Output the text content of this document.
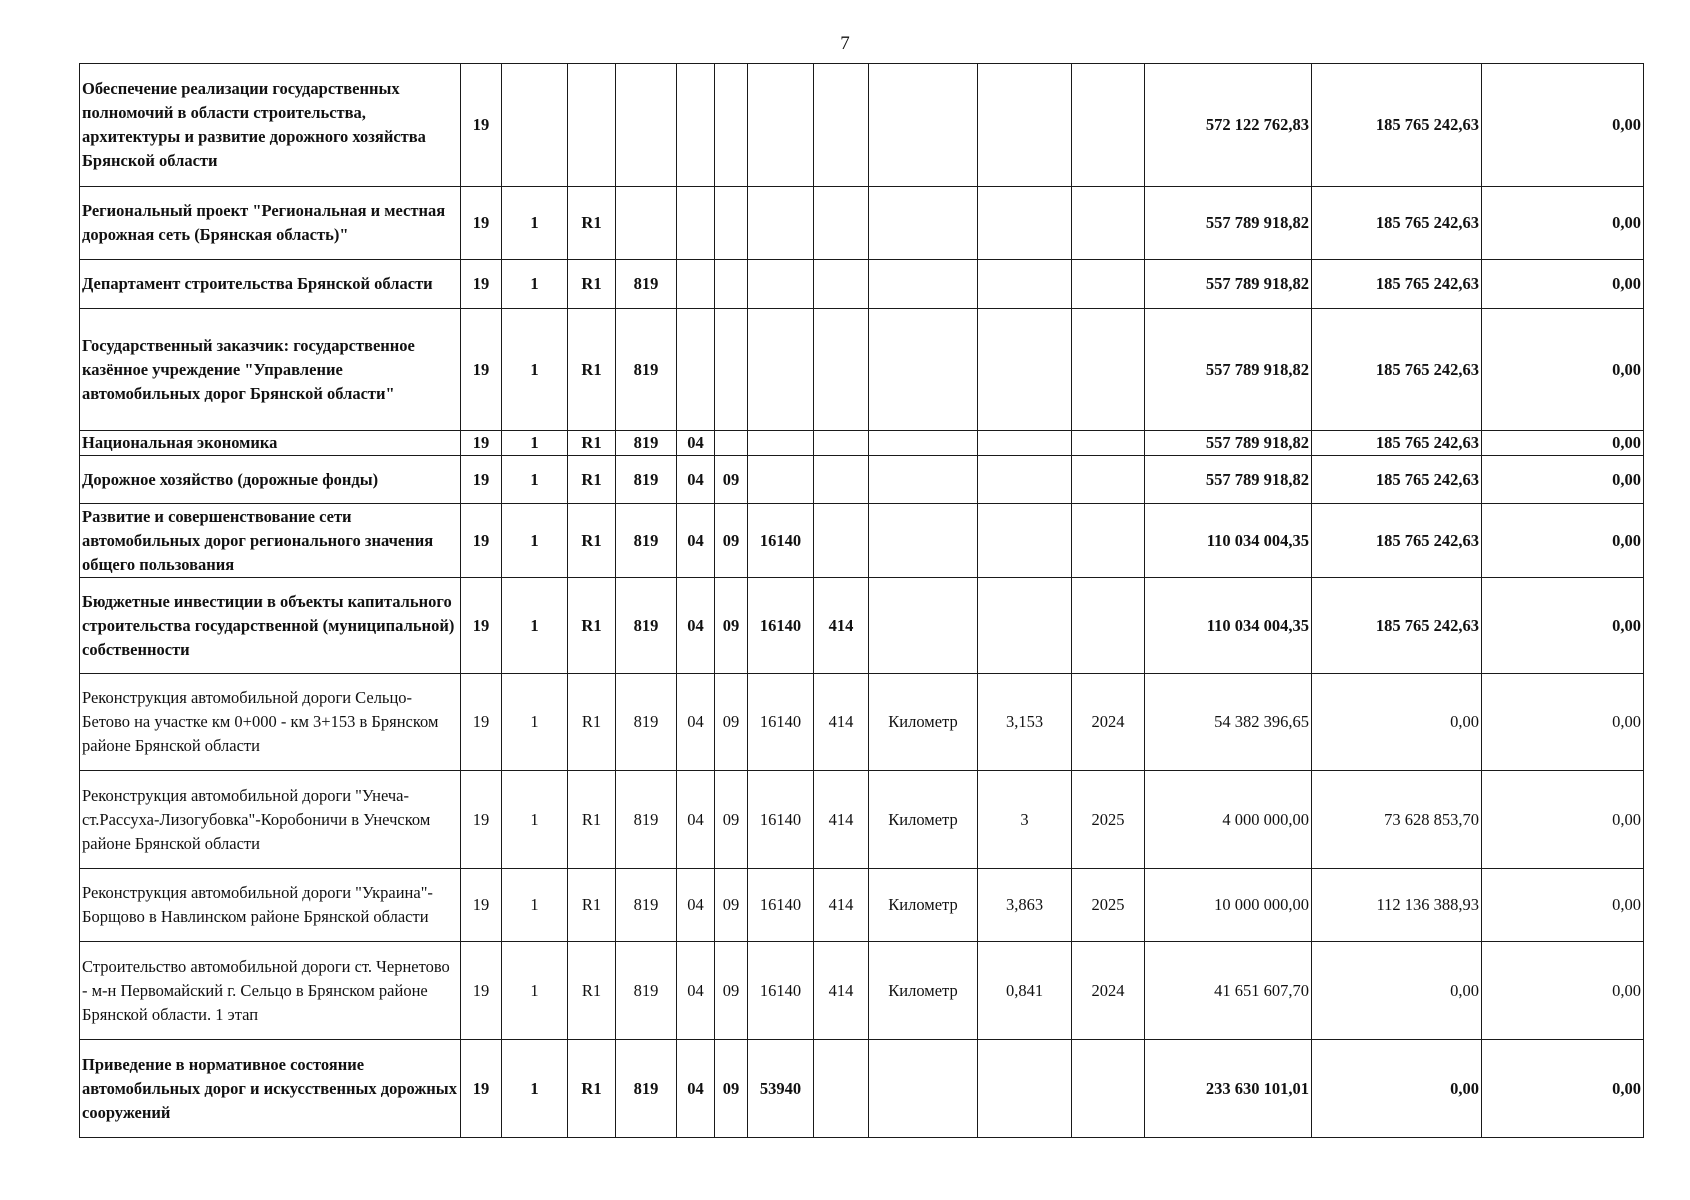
7
Обеспечение реализации государственных полномочий в области строительства, архитектуры и развитие дорожного хозяйства Брянской области	19											572 122 762,83	185 765 242,63	0,00
Региональный проект "Региональная и местная дорожная сеть (Брянская область)"	19	1	R1									557 789 918,82	185 765 242,63	0,00
Департамент строительства Брянской области	19	1	R1	819								557 789 918,82	185 765 242,63	0,00
Государственный заказчик: государственное казённое учреждение "Управление автомобильных дорог Брянской области"	19	1	R1	819								557 789 918,82	185 765 242,63	0,00
Национальная экономика	19	1	R1	819	04							557 789 918,82	185 765 242,63	0,00
Дорожное хозяйство (дорожные фонды)	19	1	R1	819	04	09						557 789 918,82	185 765 242,63	0,00
Развитие и совершенствование сети автомобильных дорог регионального значения общего пользования	19	1	R1	819	04	09	16140					110 034 004,35	185 765 242,63	0,00
Бюджетные инвестиции в объекты капитального строительства государственной (муниципальной) собственности	19	1	R1	819	04	09	16140	414				110 034 004,35	185 765 242,63	0,00
Реконструкция автомобильной дороги Сельцо-Бетово на участке км 0+000 - км 3+153 в Брянском районе Брянской области	19	1	R1	819	04	09	16140	414	Километр	3,153	2024	54 382 396,65	0,00	0,00
Реконструкция автомобильной дороги "Унеча-ст.Рассуха-Лизогубовка"-Коробоничи в Унечском районе Брянской области	19	1	R1	819	04	09	16140	414	Километр	3	2025	4 000 000,00	73 628 853,70	0,00
Реконструкция автомобильной дороги "Украина"-Борщово в Навлинском районе Брянской области	19	1	R1	819	04	09	16140	414	Километр	3,863	2025	10 000 000,00	112 136 388,93	0,00
Строительство автомобильной дороги ст. Чернетово - м-н Первомайский г. Сельцо в Брянском районе Брянской области. 1 этап	19	1	R1	819	04	09	16140	414	Километр	0,841	2024	41 651 607,70	0,00	0,00
Приведение в нормативное состояние автомобильных дорог и искусственных дорожных сооружений	19	1	R1	819	04	09	53940					233 630 101,01	0,00	0,00
